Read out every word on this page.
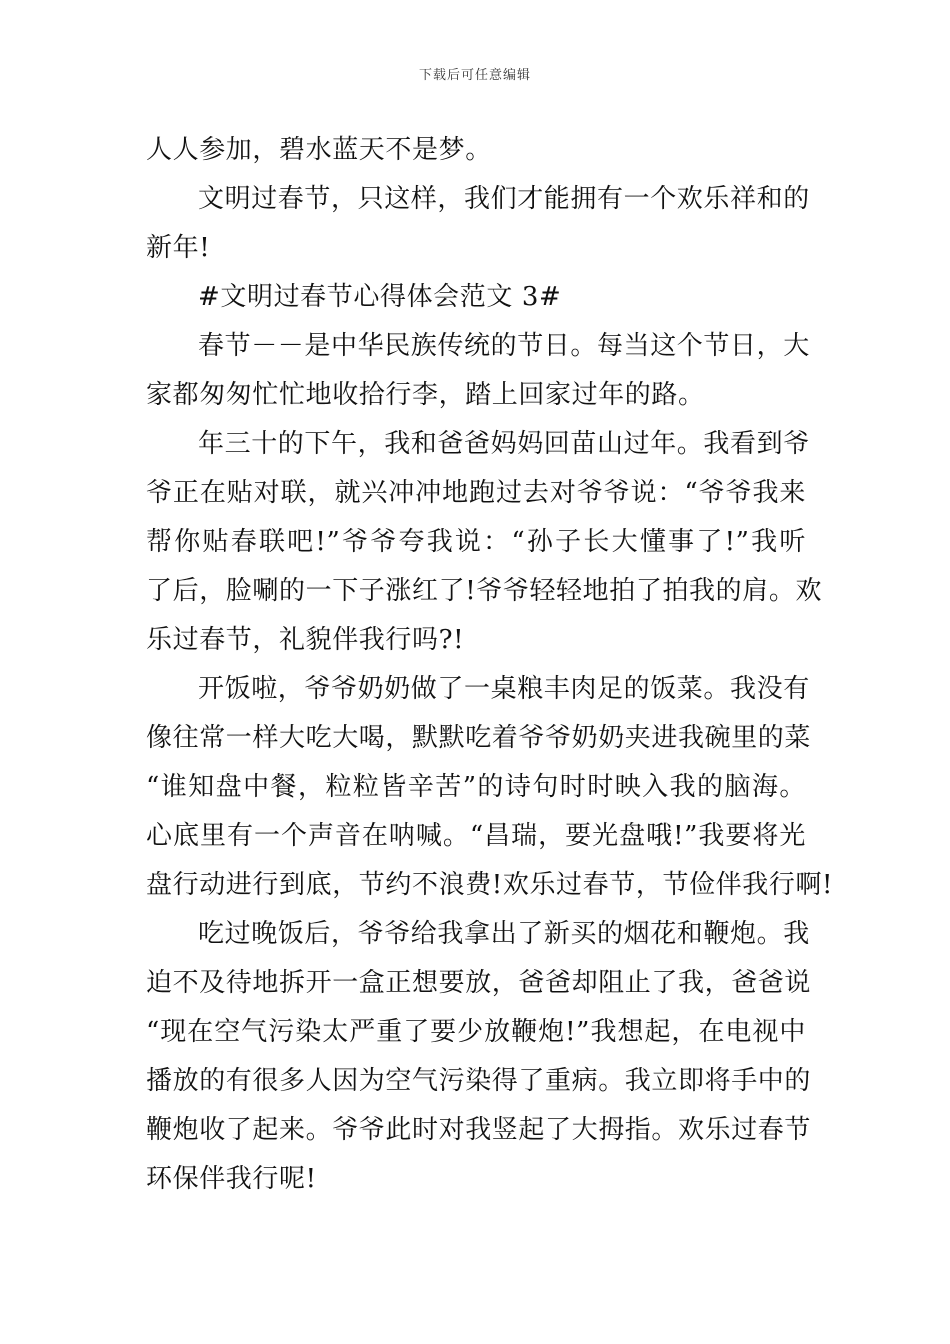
下载后可任意编辑
人人参加，碧水蓝天不是梦。
文明过春节，只这样，我们才能拥有一个欢乐祥和的
新年!
#文明过春节心得体会范文 3#
春节－－是中华民族传统的节日。每当这个节日，大
家都匆匆忙忙地收拾行李，踏上回家过年的路。
年三十的下午，我和爸爸妈妈回苗山过年。我看到爷
爷正在贴对联，就兴冲冲地跑过去对爷爷说：“爷爷我来
帮你贴春联吧!”爷爷夸我说：“孙子长大懂事了!”我听
了后，脸唰的一下子涨红了!爷爷轻轻地拍了拍我的肩。欢
乐过春节，礼貌伴我行吗?!
开饭啦，爷爷奶奶做了一桌粮丰肉足的饭菜。我没有
像往常一样大吃大喝，默默吃着爷爷奶奶夹进我碗里的菜
“谁知盘中餐，粒粒皆辛苦”的诗句时时映入我的脑海。
心底里有一个声音在呐喊。“昌瑞，要光盘哦!”我要将光
盘行动进行到底，节约不浪费!欢乐过春节，节俭伴我行啊!
吃过晚饭后，爷爷给我拿出了新买的烟花和鞭炮。我
迫不及待地拆开一盒正想要放，爸爸却阻止了我，爸爸说
“现在空气污染太严重了要少放鞭炮!”我想起，在电视中
播放的有很多人因为空气污染得了重病。我立即将手中的
鞭炮收了起来。爷爷此时对我竖起了大拇指。欢乐过春节
环保伴我行呢!
